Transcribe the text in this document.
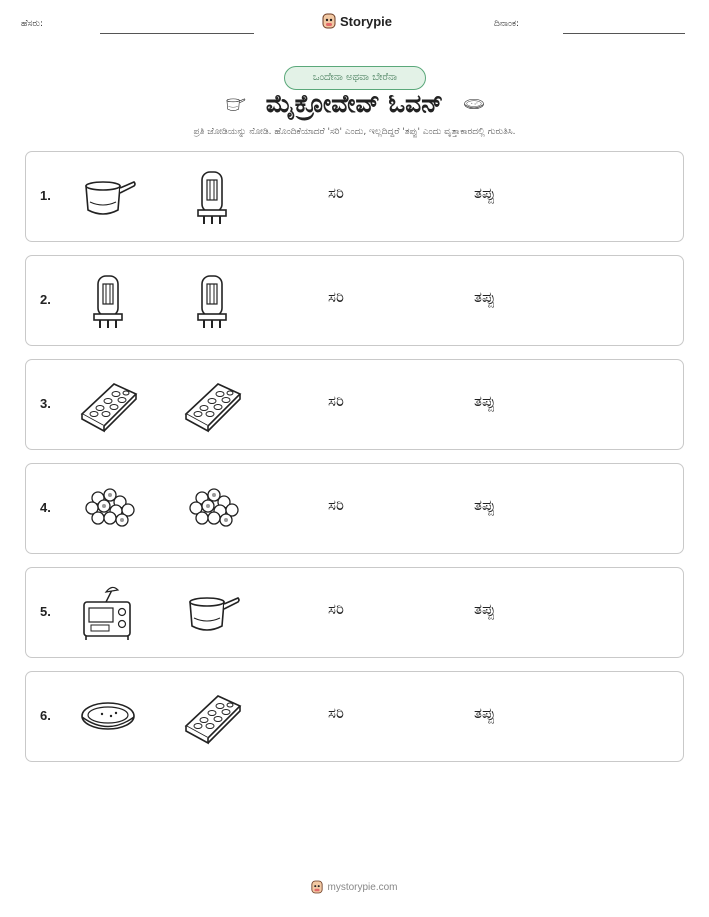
ಹೆಸರು:	Storypie	ದಿನಾಂಕ:
ಒಂದೇನಾ ಅಥವಾ ಬೇರೆನಾ
ಮೈಕ್ರೋವೇವ್ ಓವನ್
ಪ್ರತಿ ಜೋಡಿಯನ್ನು ನೋಡಿ. ಹೊಂದಿಕೆಯಾದರೆ 'ಸರಿ' ಎಂದು, ಇಲ್ಲದಿದ್ದರೆ 'ತಪ್ಪು' ಎಂದು ವೃತ್ತಾಕಾರದಲ್ಲಿ ಗುರುತಿಸಿ.
1.	ಸರಿ	ತಪ್ಪು
2.	ಸರಿ	ತಪ್ಪು
3.	ಸರಿ	ತಪ್ಪು
4.	ಸರಿ	ತಪ್ಪು
5.	ಸರಿ	ತಪ್ಪು
6.	ಸರಿ	ತಪ್ಪು
mystorypie.com
